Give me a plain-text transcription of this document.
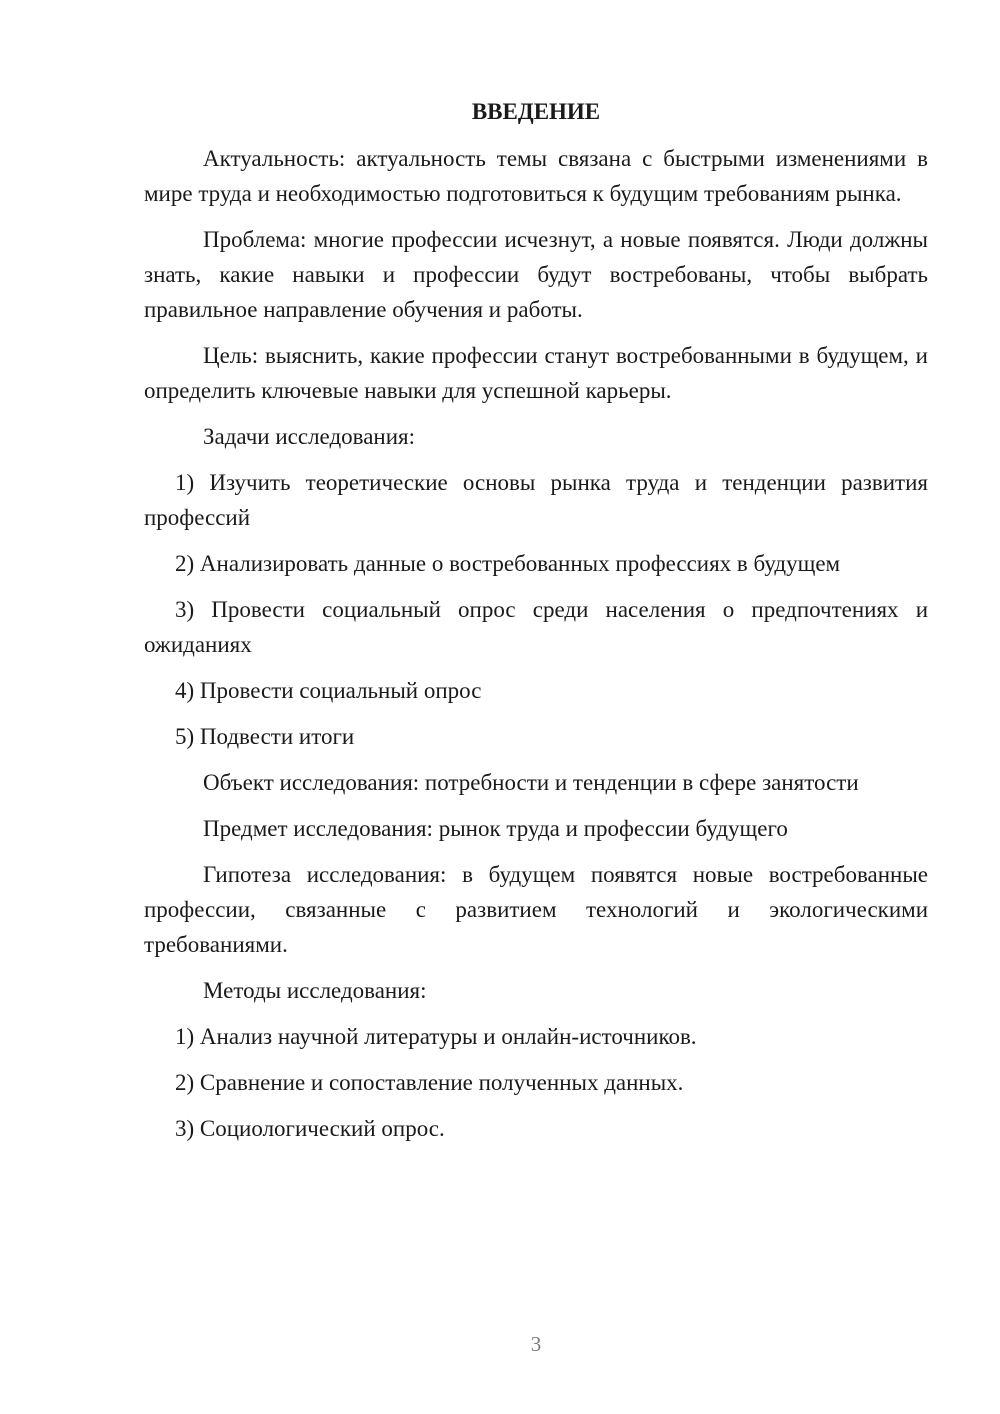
ВВЕДЕНИЕ
Актуальность: актуальность темы связана с быстрыми изменениями в мире труда и необходимостью подготовиться к будущим требованиям рынка.
Проблема: многие профессии исчезнут, а новые появятся. Люди должны знать, какие навыки и профессии будут востребованы, чтобы выбрать правильное направление обучения и работы.
Цель: выяснить, какие профессии станут востребованными в будущем, и определить ключевые навыки для успешной карьеры.
Задачи исследования:
1) Изучить теоретические основы рынка труда и тенденции развития профессий
2) Анализировать данные о востребованных профессиях в будущем
3) Провести социальный опрос среди населения о предпочтениях и ожиданиях
4) Провести социальный опрос
5) Подвести итоги
Объект исследования: потребности и тенденции в сфере занятости
Предмет исследования: рынок труда и профессии будущего
Гипотеза исследования: в будущем появятся новые востребованные профессии, связанные с развитием технологий и экологическими требованиями.
Методы исследования:
1) Анализ научной литературы и онлайн-источников.
2) Сравнение и сопоставление полученных данных.
3) Социологический опрос.
3
